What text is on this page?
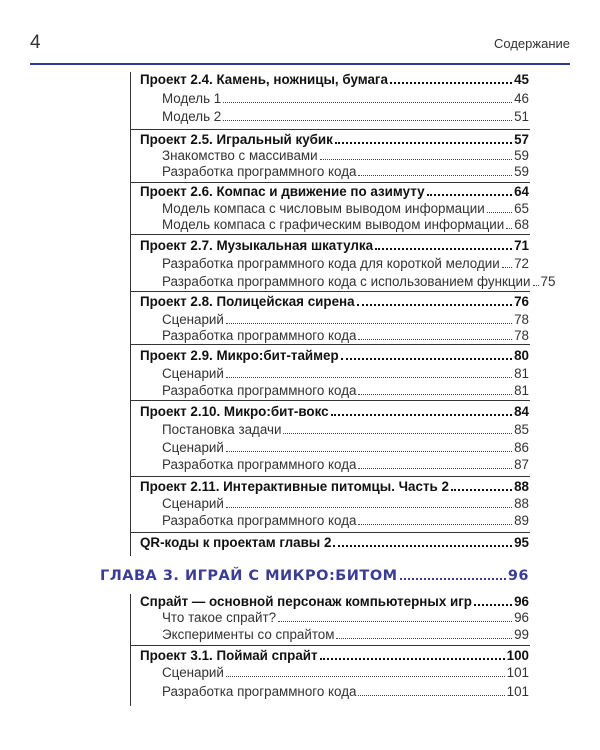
4	Содержание
Проект 2.4. Камень, ножницы, бумага	45
Модель 1	46
Модель 2	51
Проект 2.5. Игральный кубик	57
Знакомство с массивами	59
Разработка программного кода	59
Проект 2.6. Компас и движение по азимуту	64
Модель компаса с числовым выводом информации 65
Модель компаса с графическим выводом информации 68
Проект 2.7. Музыкальная шкатулка	71
Разработка программного кода для короткой мелодии 72
Разработка программного кода с использованием функции 75
Проект 2.8. Полицейская сирена	76
Сценарий	78
Разработка программного кода	78
Проект 2.9. Микро:бит-таймер	80
Сценарий	81
Разработка программного кода	81
Проект 2.10. Микро:бит-вокс	84
Постановка задачи	85
Сценарий	86
Разработка программного кода	87
Проект 2.11. Интерактивные питомцы. Часть 2	88
Сценарий	88
Разработка программного кода	89
QR-коды к проектам главы 2	95
ГЛАВА 3. ИГРАЙ С МИКРО:БИТОМ	96
Спрайт — основной персонаж компьютерных игр	96
Что такое спрайт?	96
Эксперименты со спрайтом	99
Проект 3.1. Поймай спрайт	100
Сценарий	101
Разработка программного кода	101
